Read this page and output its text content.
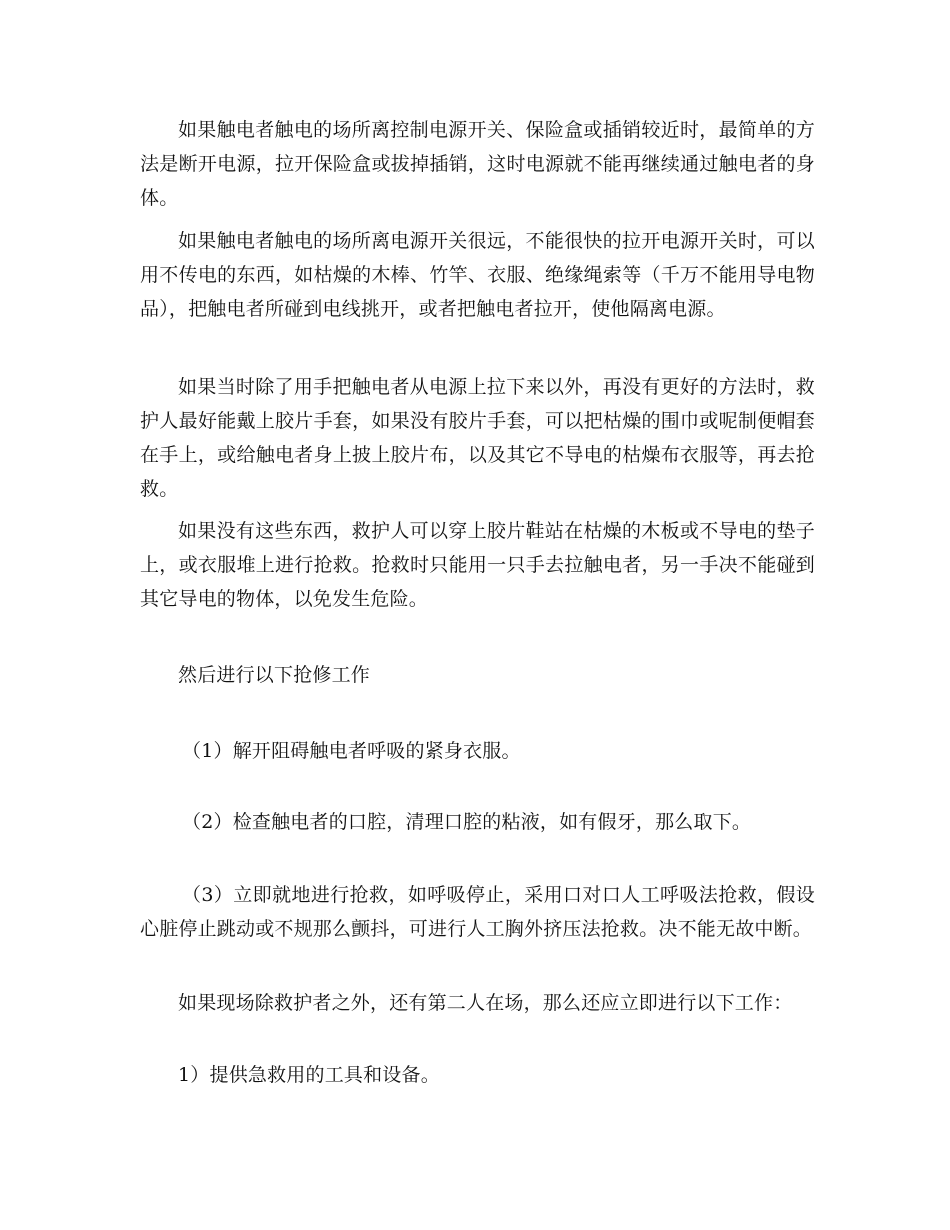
如果触电者触电的场所离控制电源开关、保险盒或插销较近时，最简单的方法是断开电源，拉开保险盒或拔掉插销，这时电源就不能再继续通过触电者的身体。

如果触电者触电的场所离电源开关很远，不能很快的拉开电源开关时，可以用不传电的东西，如枯燥的木棒、竹竿、衣服、绝缘绳索等（千万不能用导电物品），把触电者所碰到电线挑开，或者把触电者拉开，使他隔离电源。

如果当时除了用手把触电者从电源上拉下来以外，再没有更好的方法时，救护人最好能戴上胶片手套，如果没有胶片手套，可以把枯燥的围巾或呢制便帽套在手上，或给触电者身上披上胶片布，以及其它不导电的枯燥布衣服等，再去抢救。

如果没有这些东西，救护人可以穿上胶片鞋站在枯燥的木板或不导电的垫子上，或衣服堆上进行抢救。抢救时只能用一只手去拉触电者，另一手决不能碰到其它导电的物体，以免发生危险。

然后进行以下抢修工作

（1）解开阻碍触电者呼吸的紧身衣服。

（2）检查触电者的口腔，清理口腔的粘液，如有假牙，那么取下。

（3）立即就地进行抢救，如呼吸停止，采用口对口人工呼吸法抢救，假设心脏停止跳动或不规那么颤抖，可进行人工胸外挤压法抢救。决不能无故中断。

如果现场除救护者之外，还有第二人在场，那么还应立即进行以下工作：

1）提供急救用的工具和设备。
